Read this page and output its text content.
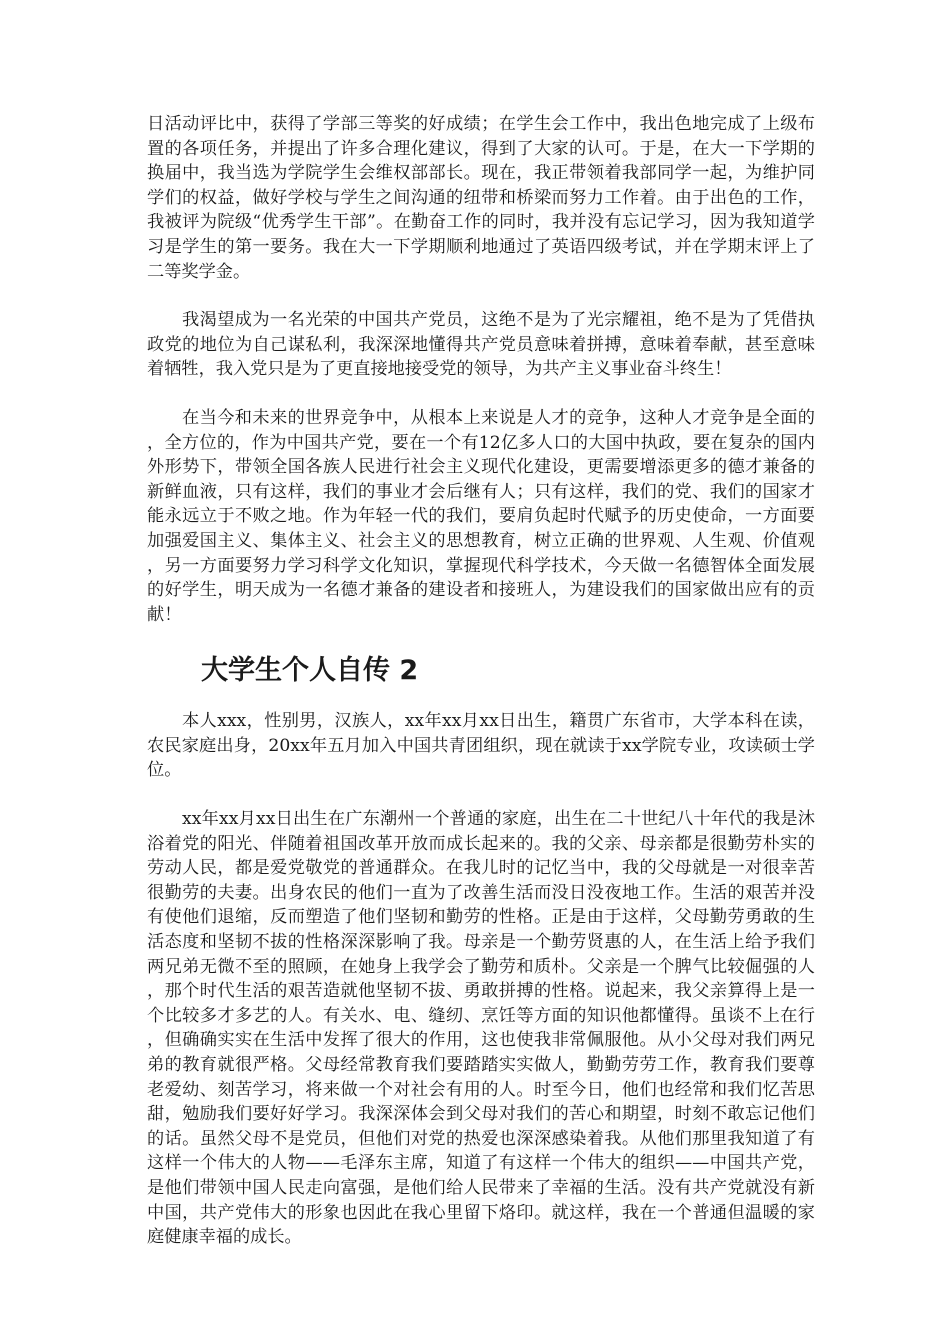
日活动评比中，获得了学部三等奖的好成绩；在学生会工作中，我出色地完成了上级布置的各项任务，并提出了许多合理化建议，得到了大家的认可。于是，在大一下学期的换届中，我当选为学院学生会维权部部长。现在，我正带领着我部同学一起，为维护同学们的权益，做好学校与学生之间沟通的纽带和桥梁而努力工作着。由于出色的工作，我被评为院级“优秀学生干部”。在勤奋工作的同时，我并没有忘记学习，因为我知道学习是学生的第一要务。我在大一下学期顺利地通过了英语四级考试，并在学期末评上了二等奖学金。

我渴望成为一名光荣的中国共产党员，这绝不是为了光宗耀祖，绝不是为了凭借执政党的地位为自己谋私利，我深深地懂得共产党员意味着拼搏，意味着奉献，甚至意味着牺牲，我入党只是为了更直接地接受党的领导，为共产主义事业奋斗终生！

在当今和未来的世界竞争中，从根本上来说是人才的竞争，这种人才竞争是全面的，全方位的，作为中国共产党，要在一个有12亿多人口的大国中执政，要在复杂的国内外形势下，带领全国各族人民进行社会主义现代化建设，更需要增添更多的德才兼备的新鲜血液，只有这样，我们的事业才会后继有人；只有这样，我们的党、我们的国家才能永远立于不败之地。作为年轻一代的我们，要肩负起时代赋予的历史使命，一方面要加强爱国主义、集体主义、社会主义的思想教育，树立正确的世界观、人生观、价值观，另一方面要努力学习科学文化知识，掌握现代科学技术，今天做一名德智体全面发展的好学生，明天成为一名德才兼备的建设者和接班人，为建设我们的国家做出应有的贡献！

大学生个人自传 2

本人xxx，性别男，汉族人，xx年xx月xx日出生，籍贯广东省市，大学本科在读，农民家庭出身，20xx年五月加入中国共青团组织，现在就读于xx学院专业，攻读硕士学位。

xx年xx月xx日出生在广东潮州一个普通的家庭，出生在二十世纪八十年代的我是沐浴着党的阳光、伴随着祖国改革开放而成长起来的。我的父亲、母亲都是很勤劳朴实的劳动人民，都是爱党敬党的普通群众。在我儿时的记忆当中，我的父母就是一对很幸苦很勤劳的夫妻。出身农民的他们一直为了改善生活而没日没夜地工作。生活的艰苦并没有使他们退缩，反而塑造了他们坚韧和勤劳的性格。正是由于这样，父母勤劳勇敢的生活态度和坚韧不拔的性格深深影响了我。母亲是一个勤劳贤惠的人，在生活上给予我们两兄弟无微不至的照顾，在她身上我学会了勤劳和质朴。父亲是一个脾气比较倔强的人，那个时代生活的艰苦造就他坚韧不拔、勇敢拼搏的性格。说起来，我父亲算得上是一个比较多才多艺的人。有关水、电、缝纫、烹饪等方面的知识他都懂得。虽谈不上在行，但确确实实在生活中发挥了很大的作用，这也使我非常佩服他。从小父母对我们两兄弟的教育就很严格。父母经常教育我们要踏踏实实做人，勤勤劳劳工作，教育我们要尊老爱幼、刻苦学习，将来做一个对社会有用的人。时至今日，他们也经常和我们忆苦思甜，勉励我们要好好学习。我深深体会到父母对我们的苦心和期望，时刻不敢忘记他们的话。虽然父母不是党员，但他们对党的热爱也深深感染着我。从他们那里我知道了有这样一个伟大的人物——毛泽东主席，知道了有这样一个伟大的组织——中国共产党，是他们带领中国人民走向富强，是他们给人民带来了幸福的生活。没有共产党就没有新中国，共产党伟大的形象也因此在我心里留下烙印。就这样，我在一个普通但温暖的家庭健康幸福的成长。
